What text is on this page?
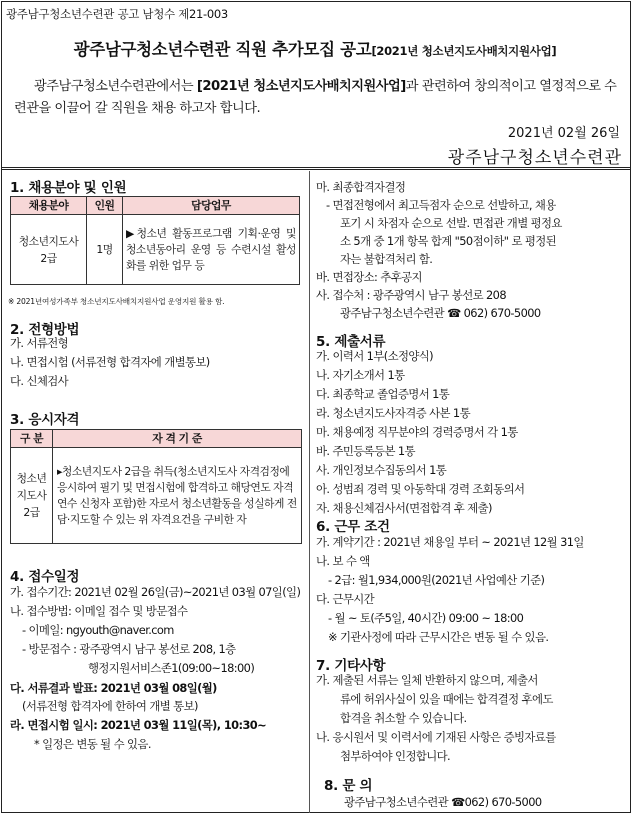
광주남구청소년수련관 공고 남청수 제21-003
광주남구청소년수련관 직원 추가모집 공고[2021년 청소년지도사배치지원사업]
광주남구청소년수련관에서는 [2021년 청소년지도사배치지원사업]과 관련하여 창의적이고 열정적으로 수련관을 이끌어 갈 직원을 채용 하고자 합니다.
2021년 02월 26일
광주남구청소년수련관
1. 채용분야 및 인원
채용분야	인원	담당업무

청소년지도사
2급	1명	▶청소년 활동프로그램 기획·운영 및 청소년동아리 운영 등 수련시설 활성화를 위한 업무 등
※ 2021년여성가족부 청소년지도사배치지원사업 운영지원 활용 함.
2. 전형방법
가. 서류전형
나. 면접시험 (서류전형 합격자에 개별통보)
다. 신체검사
3. 응시자격
구 분	자 격 기 준

청소년
지도사
2급	▸청소년지도사 2급을 취득(청소년지도사 자격검정에 응시하여 필기 및 면접시험에 합격하고 해당연도 자격연수 신청자 포함)한 자로서 청소년활동을 성실하게 전담·지도할 수 있는 위 자격요건을 구비한 자
4. 접수일정
가. 접수기간: 2021년 02월 26일(금)~2021년 03월 07일(일)
나. 접수방법: 이메일 접수 및 방문접수
- 이메일: ngyouth@naver.com
- 방문접수 : 광주광역시 남구 봉선로 208, 1층
행정지원서비스존1(09:00~18:00)
다. 서류결과 발표: 2021년 03월 08일(월)
(서류전형 합격자에 한하여 개별 통보)
라. 면접시험 일시: 2021년 03월 11일(목), 10:30~
* 일정은 변동 될 수 있음.
마. 최종합격자결정
- 면접전형에서 최고득점자 순으로 선발하고, 채용
포기 시 차점자 순으로 선발. 면접관 개별 평정요
소 5개 중 1개 항목 합계 "50점이하" 로 평정된
자는 불합격처리 함.
바. 면접장소: 추후공지
사. 접수처 : 광주광역시 남구 봉선로 208
광주남구청소년수련관 ☎ 062) 670-5000
5. 제출서류
가. 이력서 1부(소정양식)
나. 자기소개서 1통
다. 최종학교 졸업증명서 1통
라. 청소년지도사자격증 사본 1통
마. 채용예정 직무분야의 경력증명서 각 1통
바. 주민등록등본 1통
사. 개인정보수집동의서 1통
아. 성범죄 경력 및 아동학대 경력 조회동의서
자. 채용신체검사서(면접합격 후 제출)
6. 근무 조건
가. 계약기간 : 2021년 채용일 부터 ~ 2021년 12월 31일
나. 보 수 액
- 2급: 월1,934,000원(2021년 사업예산 기준)
다. 근무시간
- 월 ~ 토(주5일, 40시간) 09:00 ~ 18:00
※ 기관사정에 따라 근무시간은 변동 될 수 있음.
7. 기타사항
가. 제출된 서류는 일체 반환하지 않으며, 제출서
류에 허위사실이 있을 때에는 합격결정 후에도
합격을 취소할 수 있습니다.
나. 응시원서 및 이력서에 기재된 사항은 증빙자료를
첨부하여야 인정합니다.
8. 문 의
광주남구청소년수련관 ☎062) 670-5000
